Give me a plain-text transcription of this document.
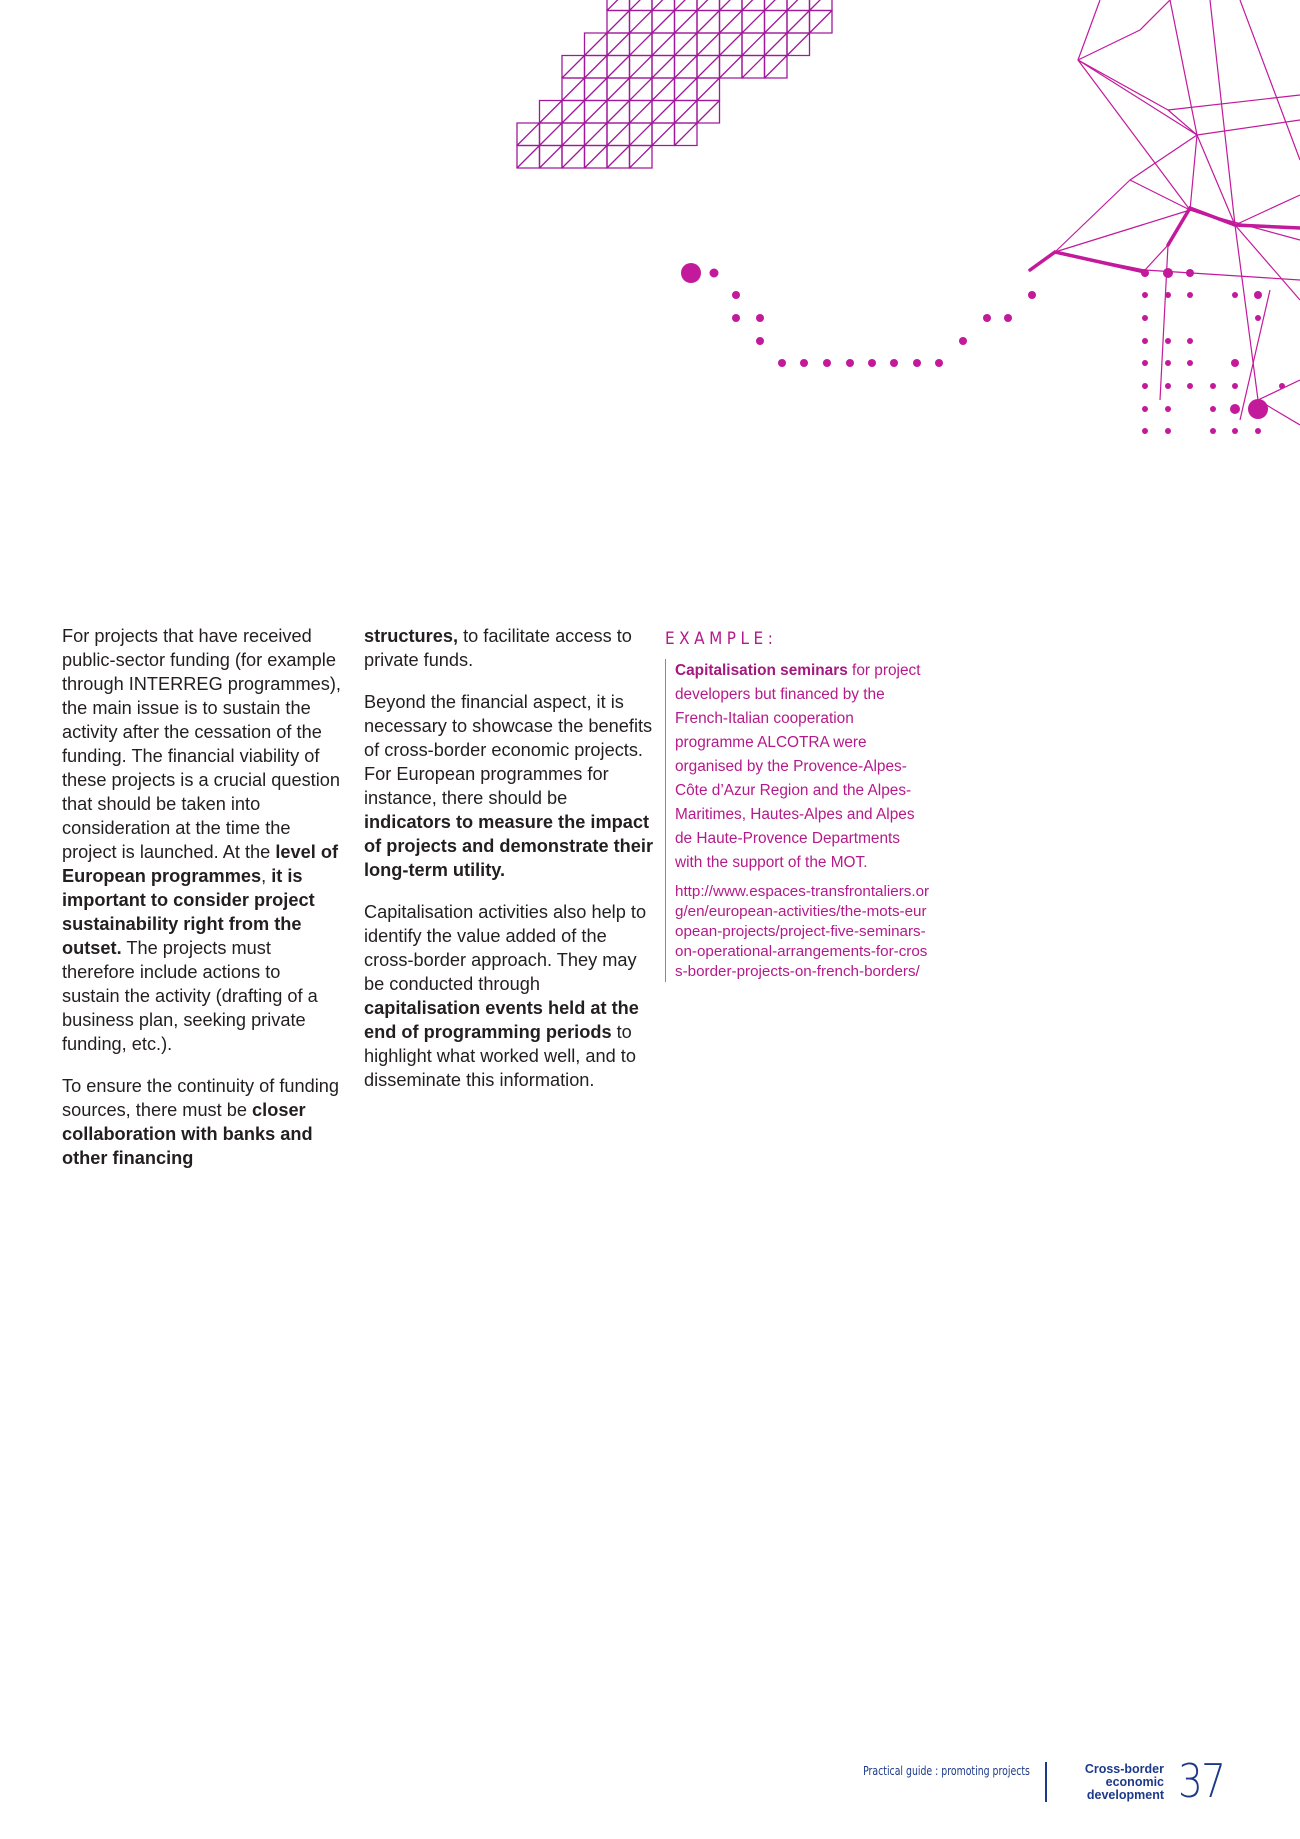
For projects that have received public-sector funding (for example through INTERREG programmes), the main issue is to sustain the activity after the cessation of the funding. The financial viability of these projects is a crucial question that should be taken into consideration at the time the project is launched. At the level of European programmes, it is important to consider project sustainability right from the outset. The projects must therefore include actions to sustain the activity (drafting of a business plan, seeking private funding, etc.).

To ensure the continuity of funding sources, there must be closer collaboration with banks and other financing

structures, to facilitate access to private funds.

Beyond the financial aspect, it is necessary to showcase the benefits of cross-border economic projects. For European programmes for instance, there should be indicators to measure the impact of projects and demonstrate their long-term utility.

Capitalisation activities also help to identify the value added of the cross-border approach. They may be conducted through capitalisation events held at the end of programming periods to highlight what worked well, and to disseminate this information.

EXAMPLE:

Capitalisation seminars for project developers but financed by the French-Italian cooperation programme ALCOTRA were organised by the Provence-Alpes-Côte d’Azur Region and the Alpes-Maritimes, Hautes-Alpes and Alpes de Haute-Provence Departments with the support of the MOT.

http://www.espaces-transfrontaliers.org/en/european-activities/the-mots-european-projects/project-five-seminars-on-operational-arrangements-for-cross-border-projects-on-french-borders/

Practical guide : promoting projects	Cross-border
economic
development 37
